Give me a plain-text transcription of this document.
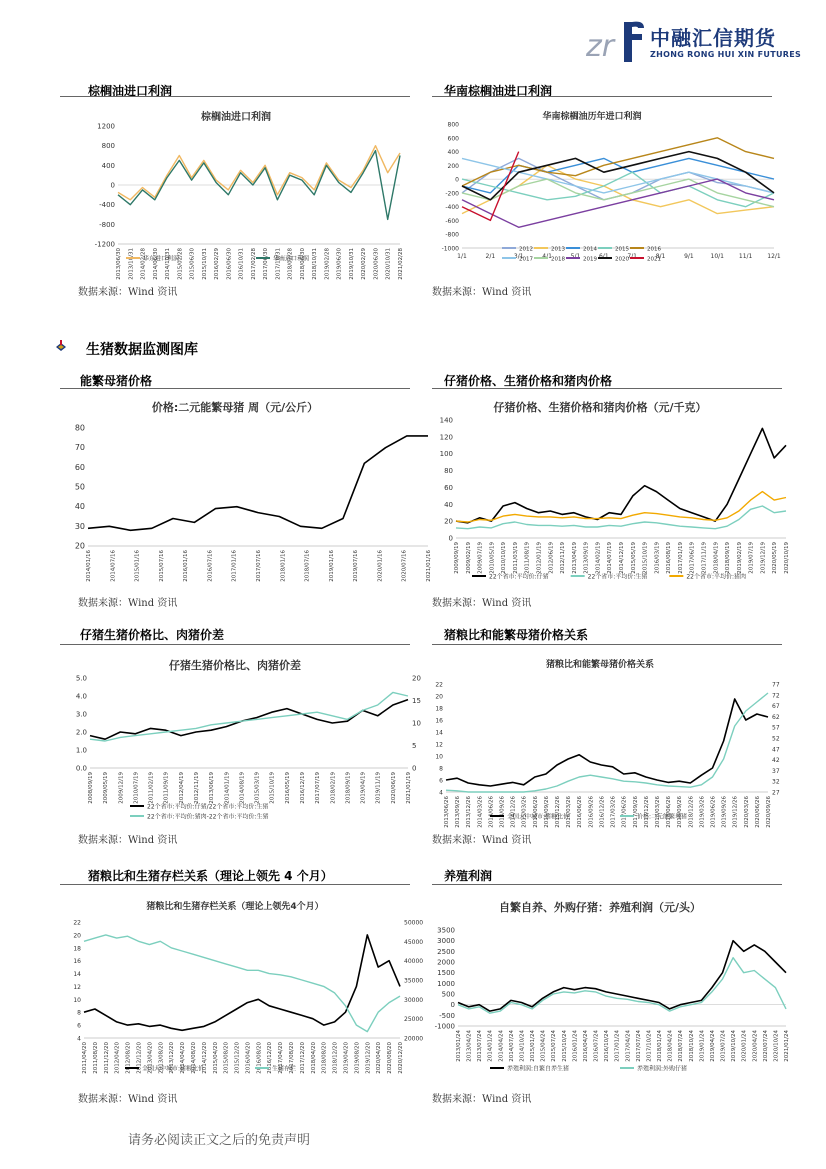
zr 中融汇信期货
ZHONG RONG HUI XIN FUTURES
生猪数据监测图库
棕榈油进口利润
数据来源：Wind 资讯
棕榈油进口利润
1200
800
400
0
-400
-800
-1200
2013/06/30 2013/10/31 2014/02/28 2014/06/30 2014/10/31 2015/02/28 2015/06/30 2015/10/31 2016/02/29 2016/06/30 2016/10/31 2017/02/28 2017/06/30 2017/10/31 2018/02/28 2018/06/30 2018/10/31 2019/02/28 2019/06/30 2019/10/31 2020/02/29 2020/06/30 2020/10/31 2021/02/28
华东进口利润	华南进口利润
华南棕榈油进口利润
数据来源：Wind 资讯
华南棕榈油历年进口利润
800
600
400
200
0
-200
-400
-600
-800
-1000
1/1	2/1	3/1	4/1	5/1	6/1	7/1	8/1	9/1	10/1 11/1 12/1
2012	2013	2014	2015	2016
2017	2018	2019	2020	2021
能繁母猪价格
数据来源：Wind 资讯
价格:二元能繁母猪 周（元/公斤）
80
70
60
50
40
30
20
2014/01/16	2014/07/16	2015/01/16	2015/07/16	2016/01/16	2016/07/16	2017/01/16	2017/07/16	2018/01/16	2018/07/16	2019/01/16	2019/07/16	2020/01/16	2020/07/16	2021/01/16
仔猪价格、生猪价格和猪肉价格
数据来源：Wind 资讯
仔猪价格、生猪价格和猪肉价格（元/千克）
140
120
100
80
60
40
20
0
2009/09/19 2009/02/19 2009/07/19 2010/05/19 2010/10/19 2011/03/19 2011/08/19 2012/01/19 2012/06/19 2012/11/19 2013/04/19 2013/09/19 2014/02/19 2014/07/19 2014/12/19 2015/05/19 2015/10/19 2016/03/19 2016/08/19 2017/01/19 2017/06/19 2017/11/19 2018/04/19 2018/09/19 2019/02/19 2019/07/19 2019/12/19 2020/05/19 2020/10/19
22个省市:平均价:仔猪	22个省市:平均价:生猪	22个省市:平均价:猪肉
仔猪生猪价格比、肉猪价差
数据来源：Wind 资讯
仔猪生猪价格比、肉猪价差
5.0
4.0
3.0
2.0
1.0
0.0
20
15
10
5
0
2008/09/19 2009/05/19 2009/12/19 2010/07/19 2011/02/19 2011/09/19 2012/04/19 2012/11/19 2013/06/19 2014/01/19 2014/08/19 2015/03/19 2015/10/19 2016/05/19 2016/12/19 2017/07/19 2018/02/19 2018/09/19 2019/04/19 2019/11/19 2020/06/19 2021/01/19
22个省市:平均价:仔猪/22个省市:平均价:生猪
22个省市:平均价:猪肉-22个省市:平均价:生猪
猪粮比和能繁母猪价格关系
数据来源：Wind 资讯
猪粮比和能繁母猪价格关系
22
20
18
16
14
12
10
8
6
4
77
72
67
62
57
52
47
42
37
32
27
2013/06/26 2013/09/26 2013/12/26 2014/03/26 2014/06/26 2014/09/26 2014/12/26 2015/03/26 2015/06/26 2015/09/26 2015/12/26 2016/03/26 2016/06/26 2016/09/26 2016/12/26 2017/03/26 2017/06/26 2017/09/26 2017/12/26 2018/03/26 2018/06/26 2018/09/26 2018/12/26 2019/03/26 2019/06/26 2019/09/26 2019/12/26 2020/03/26 2020/06/26 2020/09/26
全国大中城市:猪粮比价	价格:二元能繁母猪
猪粮比和生猪存栏关系（理论上领先 4 个月）
数据来源：Wind 资讯
猪粮比和生猪存栏关系（理论上领先4个月）
22
20
18
16
14
12
10
8
6
4
50000
45000
40000
35000
30000
25000
20000
2011/04/20 2011/08/20 2011/12/20 2012/04/20 2012/08/20 2012/12/20 2013/04/20 2013/08/20 2013/12/20 2014/04/20 2014/08/20 2014/12/20 2015/04/20 2015/08/20 2015/12/20 2016/04/20 2016/08/20 2016/12/20 2017/04/20 2017/08/20 2017/12/20 2018/04/20 2018/08/20 2018/12/20 2019/04/20 2019/08/20 2019/12/20 2020/04/20 2020/08/20 2020/12/20
全国大中城市:猪粮比价	生猪存栏
养殖利润
数据来源：Wind 资讯
自繁自养、外购仔猪：养殖利润（元/头）
3500
3000
2500
2000
1500
1000
500
0
-500
-1000
2013/01/24 2013/04/24 2013/07/24 2014/01/24 2014/04/24 2014/07/24 2014/10/24 2015/01/24 2015/04/24 2015/07/24 2015/10/24 2016/01/24 2016/04/24 2016/07/24 2016/10/24 2017/01/24 2017/04/24 2017/07/24 2017/10/24 2018/01/24 2018/04/24 2018/07/24 2018/10/24 2019/01/24 2019/04/24 2019/07/24 2019/10/24 2020/01/24 2020/04/24 2020/07/24 2020/10/24 2021/01/24
养殖利润:自繁自养生猪	养殖利润:外购仔猪
请务必阅读正文之后的免责声明
